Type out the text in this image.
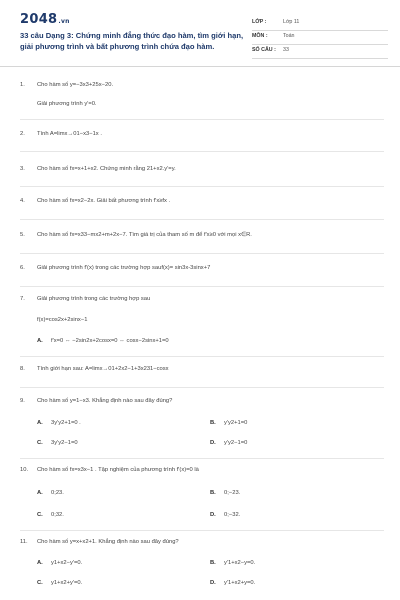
2048.vn
33 câu Dạng 3: Chứng minh đẳng thức đạo hàm, tìm giới hạn, giải phương trình và bất phương trình chứa đạo hàm.
LỚP :	Lớp 11
MÔN :	Toán
SỐ CÂU : 33
1. Cho hàm số y=−3x3+25x−20.
Giải phương trình y'=0.
2. Tính A=limx→01−x3−1x .
3. Cho hàm số fx=x+1+x2. Chứng minh rằng 21+x2.y'=y.
4. Cho hàm số fx=x2−2x. Giải bất phương trình f'x≥fx .
5. Cho hàm số fx=x33−mx2+m+2x−7. Tìm giá trị của tham số m để f'x≥0 với mọi x∈R.
6. Giải phương trình f'(x) trong các trường hợp sauf(x)= sin3x-3sinx+7
7. Giải phương trình trong các trường hợp sau
f(x)=cos2x+2sinx−1
A. f'x=0 ⇔ −2sin2x+2cosx=0 ⇔ cosx−2sinx+1=0
8. Tính giới hạn sau: A=limx→01+2x2−1+3x231−cosx
9. Cho hàm số y=1−x3. Khẳng định nào sau đây đúng?
A. 3y'y2+1=0 .	B. y'y2+1=0
C. 3y'y2−1=0	D. y'y2−1=0
10. Cho hàm số fx=x3x−1 . Tập nghiệm của phương trình f'(x)=0 là
A. 0;23.	B. 0;−23.
C. 0;32.	D. 0;−32.
11. Cho hàm số y=x+x2+1. Khẳng định nào sau đây đúng?
A. y1+x2−y'=0.	B. y'1+x2−y=0.
C. y1+x2+y'=0.	D. y'1+x2+y=0.
